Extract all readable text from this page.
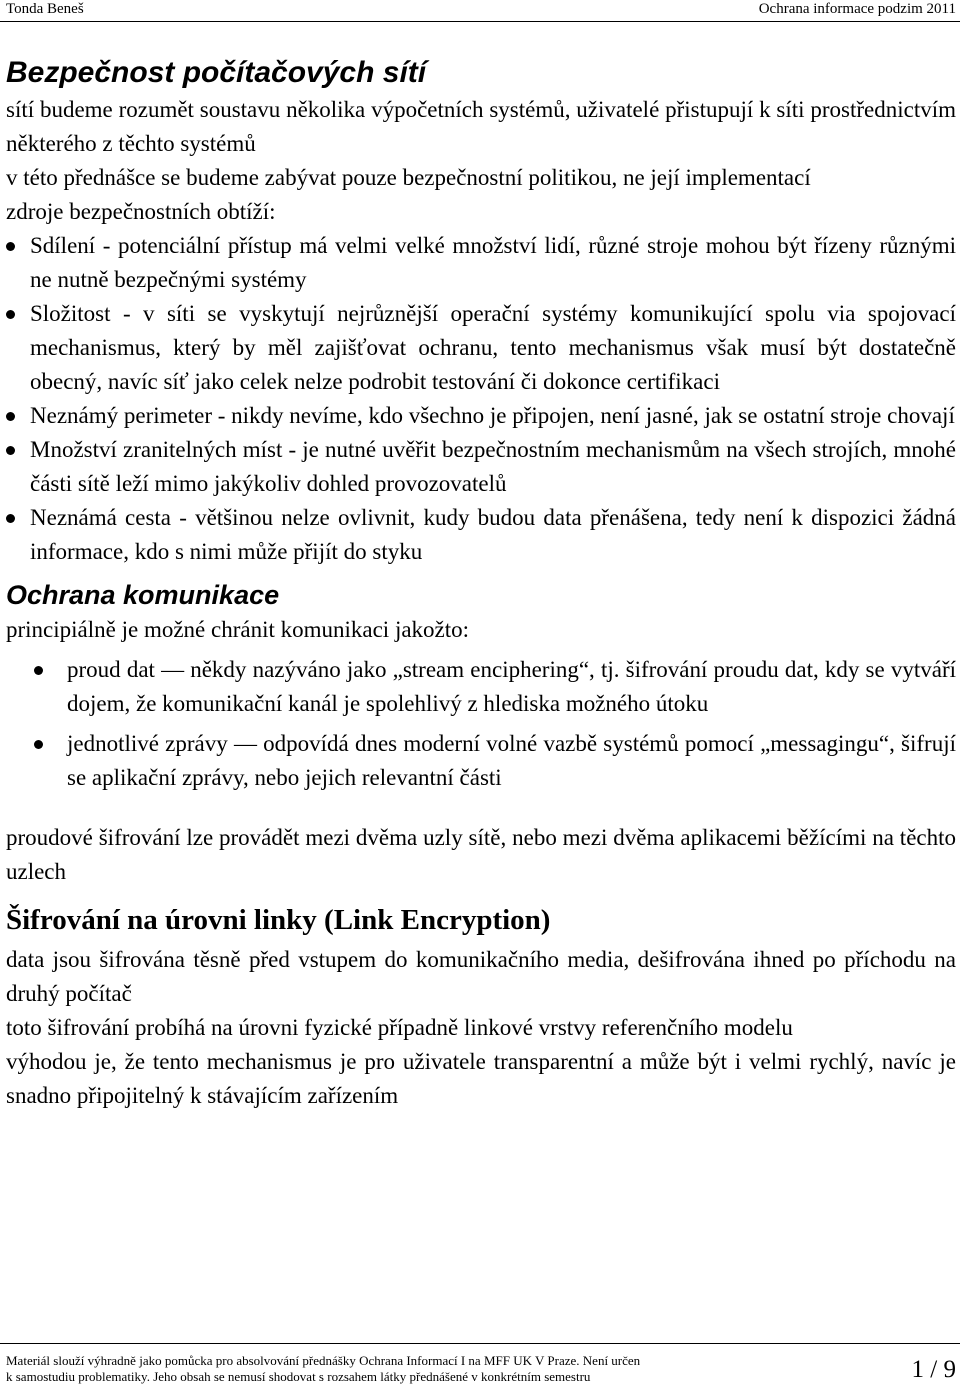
Tonda Beneš	Ochrana informace podzim 2011
Bezpečnost počítačových sítí

sítí budeme rozumět soustavu několika výpočetních systémů, uživatelé přistupují k síti prostřednictvím některého z těchto systémů

v této přednášce se budeme zabývat pouze bezpečnostní politikou, ne její implementací

zdroje bezpečnostních obtíží:

Sdílení - potenciální přístup má velmi velké množství lidí, různé stroje mohou být řízeny různými ne nutně bezpečnými systémy
Složitost - v síti se vyskytují nejrůznější operační systémy komunikující spolu via spojovací mechanismus, který by měl zajišťovat ochranu, tento mechanismus však musí být dostatečně obecný, navíc síť jako celek nelze podrobit testování či dokonce certifikaci
Neznámý perimeter - nikdy nevíme, kdo všechno je připojen, není jasné, jak se ostatní stroje chovají
Množství zranitelných míst - je nutné uvěřit bezpečnostním mechanismům na všech strojích, mnohé části sítě leží mimo jakýkoliv dohled provozovatelů
Neznámá cesta - většinou nelze ovlivnit, kudy budou data přenášena, tedy není k dispozici žádná informace, kdo s nimi může přijít do styku
Ochrana komunikace

principiálně je možné chránit komunikaci jakožto:

proud dat — někdy nazýváno jako „stream enciphering“, tj. šifrování proudu dat, kdy se vytváří dojem, že komunikační kanál je spolehlivý z hlediska možného útoku
jednotlivé zprávy — odpovídá dnes moderní volné vazbě systémů pomocí „messagingu“, šifrují se aplikační zprávy, nebo jejich relevantní části

proudové šifrování lze provádět mezi dvěma uzly sítě, nebo mezi dvěma aplikacemi běžícími na těchto uzlech

Šifrování na úrovni linky (Link Encryption)

data jsou šifrována těsně před vstupem do komunikačního media, dešifrována ihned po příchodu na druhý počítač

toto šifrování probíhá na úrovni fyzické případně linkové vrstvy referenčního modelu

výhodou je, že tento mechanismus je pro uživatele transparentní a může být i velmi rychlý, navíc je snadno připojitelný k stávajícím zařízením

Materiál slouží výhradně jako pomůcka pro absolvování přednášky Ochrana Informací I na MFF UK V Praze. Není určen
k samostudiu problematiky. Jeho obsah se nemusí shodovat s rozsahem látky přednášené v konkrétním semestru	1 / 9
